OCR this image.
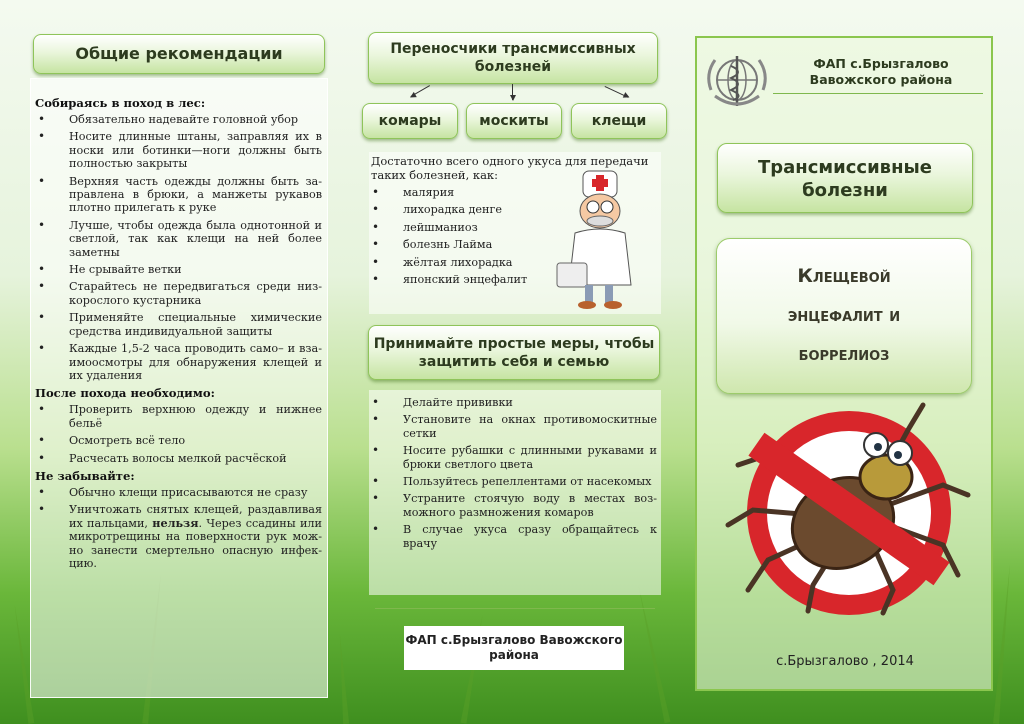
Общие рекомендации
Собираясь в поход в лес:
• Обязательно надевайте головной убор
• Носите длинные штаны, заправляя их в носки или ботинки—ноги должны быть полностью закрыты
• Верхняя часть одежды должны быть за-правлена в брюки, а манжеты рукавов плотно прилегать к руке
• Лучше, чтобы одежда была однотонной и светлой, так как клещи на ней более заметны
• Не срывайте ветки
• Старайтесь не передвигаться среди низ-корослого кустарника
• Применяйте специальные химические средства индивидуальной защиты
• Каждые 1,5-2 часа проводить само– и вза-имоосмотры для обнаружения клещей и их удаления
После похода необходимо:
• Проверить верхнюю одежду и нижнее бельё
• Осмотреть всё тело
• Расчесать волосы мелкой расчёской
Не забывайте:
• Обычно клещи присасываются не сразу
• Уничтожать снятых клещей, раздавливая их пальцами, нельзя. Через ссадины или микротрещины на поверхности рук мож-но занести смертельно опасную инфек-цию.
Переносчики трансмиссивных болезней
комары	москиты	клещи
Достаточно всего одного укуса для передачи таких болезней, как:
• малярия
• лихорадка денге
• лейшманиоз
• болезнь Лайма
• жёлтая лихорадка
• японский энцефалит
Принимайте простые меры, чтобы защитить себя и семью
• Делайте прививки
• Установите на окнах противомоскитные сетки
• Носите рубашки с длинными рукавами и брюки светлого цвета
• Пользуйтесь репеллентами от насекомых
• Устраните стоячую воду в местах воз-можного размножения комаров
• В случае укуса сразу обращайтесь к врачу
ФАП с.Брызгалово Вавожского района
ФАП с.Брызгалово Вавожского района
Трансмиссивные болезни
Клещевой
энцефалит и
боррелиоз
с.Брызгалово , 2014
